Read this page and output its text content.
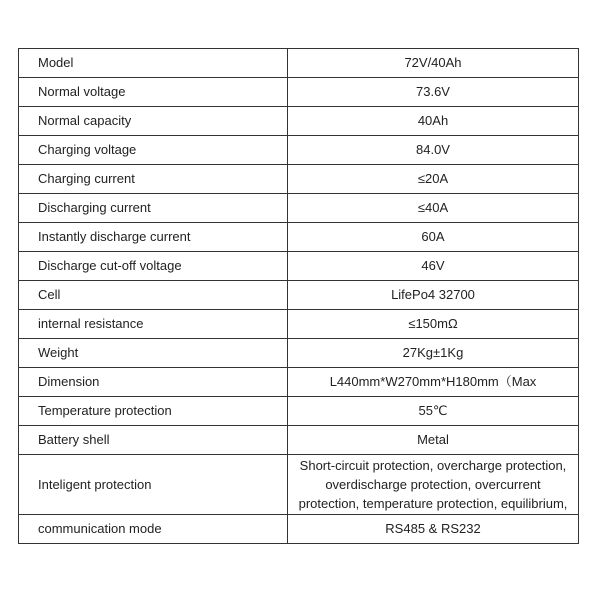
Model	72V/40Ah
Normal voltage	73.6V
Normal capacity	40Ah
Charging voltage	84.0V
Charging current	≤20A
Discharging current	≤40A
Instantly discharge current	60A
Discharge cut-off voltage	46V
Cell	LifePo4 32700
internal resistance	≤150mΩ
Weight	27Kg±1Kg
Dimension	L440mm*W270mm*H180mm（Max
Temperature protection	55℃
Battery shell	Metal
Inteligent protection	Short-circuit protection, overcharge protection,
overdischarge protection, overcurrent
protection, temperature protection, equilibrium,

communication mode	RS485 & RS232
